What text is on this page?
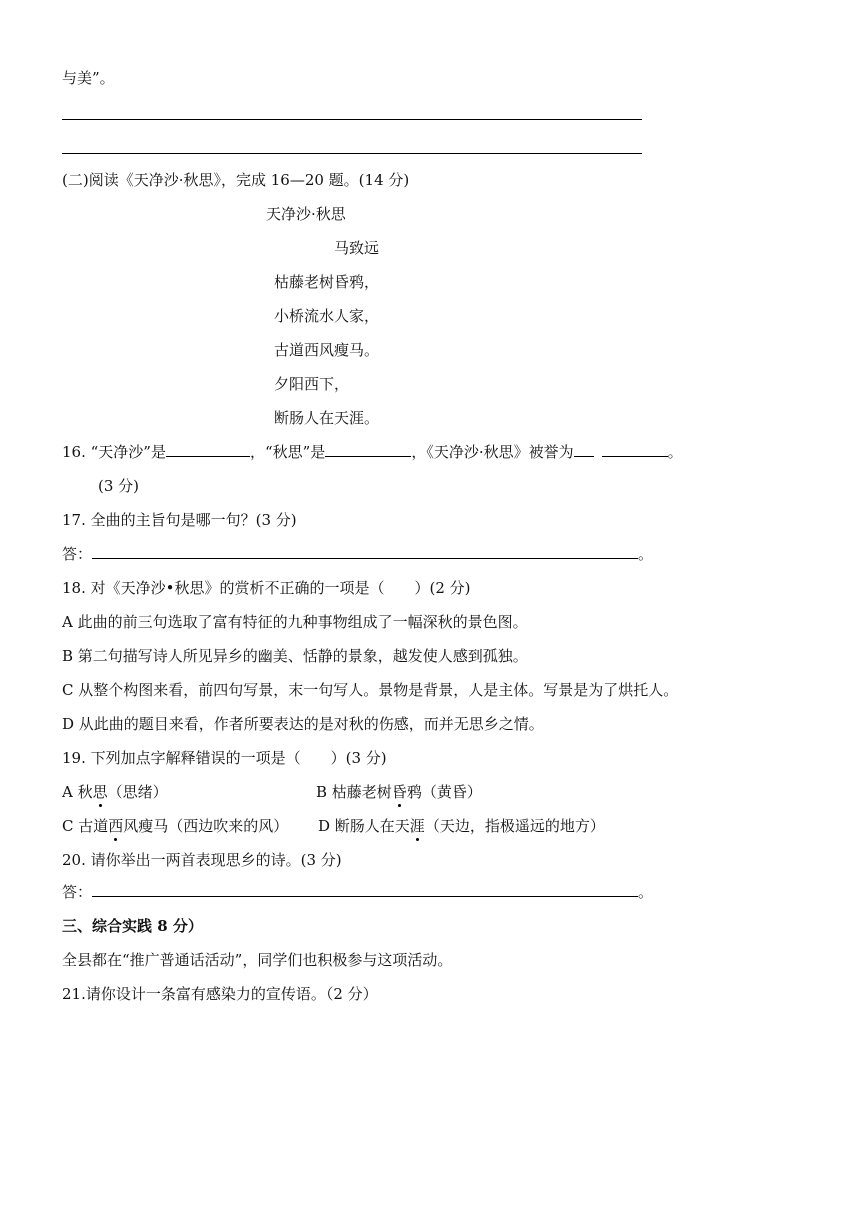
与美”。
(二)阅读《天净沙·秋思》，完成 16—20 题。(14 分)
天净沙·秋思
马致远
枯藤老树昏鸦，
小桥流水人家，
古道西风瘦马。
夕阳西下，
断肠人在天涯。
16. “天净沙”是	，“秋思”是	，《天净沙·秋思》被誉为	。
(3 分)
17. 全曲的主旨句是哪一句？(3 分)
答：	。
18. 对《天净沙•秋思》的赏析不正确的一项是（　　）(2 分)
A 此曲的前三句选取了富有特征的九种事物组成了一幅深秋的景色图。
B 第二句描写诗人所见异乡的幽美、恬静的景象，越发使人感到孤独。
C 从整个构图来看，前四句写景，末一句写人。景物是背景，人是主体。写景是为了烘托人。
D 从此曲的题目来看，作者所要表达的是对秋的伤感，而并无思乡之情。
19. 下列加点字解释错误的一项是（　　）(3 分)
A 秋思（思绪）	B 枯藤老树昏鸦（黄昏）
C 古道西风瘦马（西边吹来的风） D 断肠人在天涯（天边，指极遥远的地方）
20. 请你举出一两首表现思乡的诗。(3 分)
答：	。
三、综合实践 8 分）
全县都在“推广普通话活动”，同学们也积极参与这项活动。
21.请你设计一条富有感染力的宣传语。（2 分）
